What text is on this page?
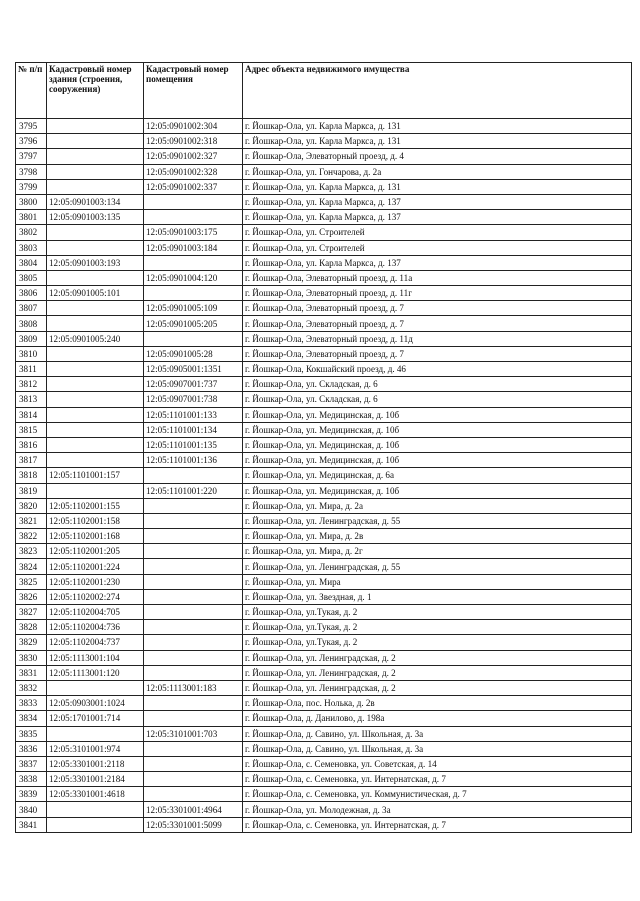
№ п/п	Кадастровый номер здания (строения, сооружения)	Кадастровый номер помещения	Адрес объекта недвижимого имущества
3795		12:05:0901002:304	г. Йошкар-Ола, ул. Карла Маркса, д. 131
3796		12:05:0901002:318	г. Йошкар-Ола, ул. Карла Маркса, д. 131
3797		12:05:0901002:327	г. Йошкар-Ола, Элеваторный проезд, д. 4
3798		12:05:0901002:328	г. Йошкар-Ола, ул. Гончарова, д. 2а
3799		12:05:0901002:337	г. Йошкар-Ола, ул. Карла Маркса, д. 131
3800	12:05:0901003:134		г. Йошкар-Ола, ул. Карла Маркса, д. 137
3801	12:05:0901003:135		г. Йошкар-Ола, ул. Карла Маркса, д. 137
3802		12:05:0901003:175	г. Йошкар-Ола, ул. Строителей
3803		12:05:0901003:184	г. Йошкар-Ола, ул. Строителей
3804	12:05:0901003:193		г. Йошкар-Ола, ул. Карла Маркса, д. 137
3805		12:05:0901004:120	г. Йошкар-Ола, Элеваторный проезд, д. 11а
3806	12:05:0901005:101		г. Йошкар-Ола, Элеваторный проезд, д. 11г
3807		12:05:0901005:109	г. Йошкар-Ола, Элеваторный проезд, д. 7
3808		12:05:0901005:205	г. Йошкар-Ола, Элеваторный проезд, д. 7
3809	12:05:0901005:240		г. Йошкар-Ола, Элеваторный проезд, д. 11д
3810		12:05:0901005:28	г. Йошкар-Ола, Элеваторный проезд, д. 7
3811		12:05:0905001:1351	г. Йошкар-Ола, Кокшайский проезд, д. 46
3812		12:05:0907001:737	г. Йошкар-Ола, ул. Складская, д. 6
3813		12:05:0907001:738	г. Йошкар-Ола, ул. Складская, д. 6
3814		12:05:1101001:133	г. Йошкар-Ола, ул. Медицинская, д. 10б
3815		12:05:1101001:134	г. Йошкар-Ола, ул. Медицинская, д. 10б
3816		12:05:1101001:135	г. Йошкар-Ола, ул. Медицинская, д. 10б
3817		12:05:1101001:136	г. Йошкар-Ола, ул. Медицинская, д. 10б
3818	12:05:1101001:157		г. Йошкар-Ола, ул. Медицинская, д. 6а
3819		12:05:1101001:220	г. Йошкар-Ола, ул. Медицинская, д. 10б
3820	12:05:1102001:155		г. Йошкар-Ола, ул. Мира, д. 2а
3821	12:05:1102001:158		г. Йошкар-Ола, ул. Ленинградская, д. 55
3822	12:05:1102001:168		г. Йошкар-Ола, ул. Мира, д. 2в
3823	12:05:1102001:205		г. Йошкар-Ола, ул. Мира, д. 2г
3824	12:05:1102001:224		г. Йошкар-Ола, ул. Ленинградская, д. 55
3825	12:05:1102001:230		г. Йошкар-Ола, ул. Мира
3826	12:05:1102002:274		г. Йошкар-Ола, ул. Звездная, д. 1
3827	12:05:1102004:705		г. Йошкар-Ола, ул.Тукая, д. 2
3828	12:05:1102004:736		г. Йошкар-Ола, ул.Тукая, д. 2
3829	12:05:1102004:737		г. Йошкар-Ола, ул.Тукая, д. 2
3830	12:05:1113001:104		г. Йошкар-Ола, ул. Ленинградская, д. 2
3831	12:05:1113001:120		г. Йошкар-Ола, ул. Ленинградская, д. 2
3832		12:05:1113001:183	г. Йошкар-Ола, ул. Ленинградская, д. 2
3833	12:05:0903001:1024		г. Йошкар-Ола, пос. Нолька, д. 2в
3834	12:05:1701001:714		г. Йошкар-Ола, д. Данилово, д. 198а
3835		12:05:3101001:703	г. Йошкар-Ола, д. Савино, ул. Школьная, д. 3а
3836	12:05:3101001:974		г. Йошкар-Ола, д. Савино, ул. Школьная, д. 3а
3837	12:05:3301001:2118		г. Йошкар-Ола, с. Семеновка, ул. Советская, д. 14
3838	12:05:3301001:2184		г. Йошкар-Ола, с. Семеновка, ул. Интернатская, д. 7
3839	12:05:3301001:4618		г. Йошкар-Ола, с. Семеновка, ул. Коммунистическая, д. 7
3840		12:05:3301001:4964	г. Йошкар-Ола, ул. Молодежная, д. 3а
3841		12:05:3301001:5099	г. Йошкар-Ола, с. Семеновка, ул. Интернатская, д. 7
